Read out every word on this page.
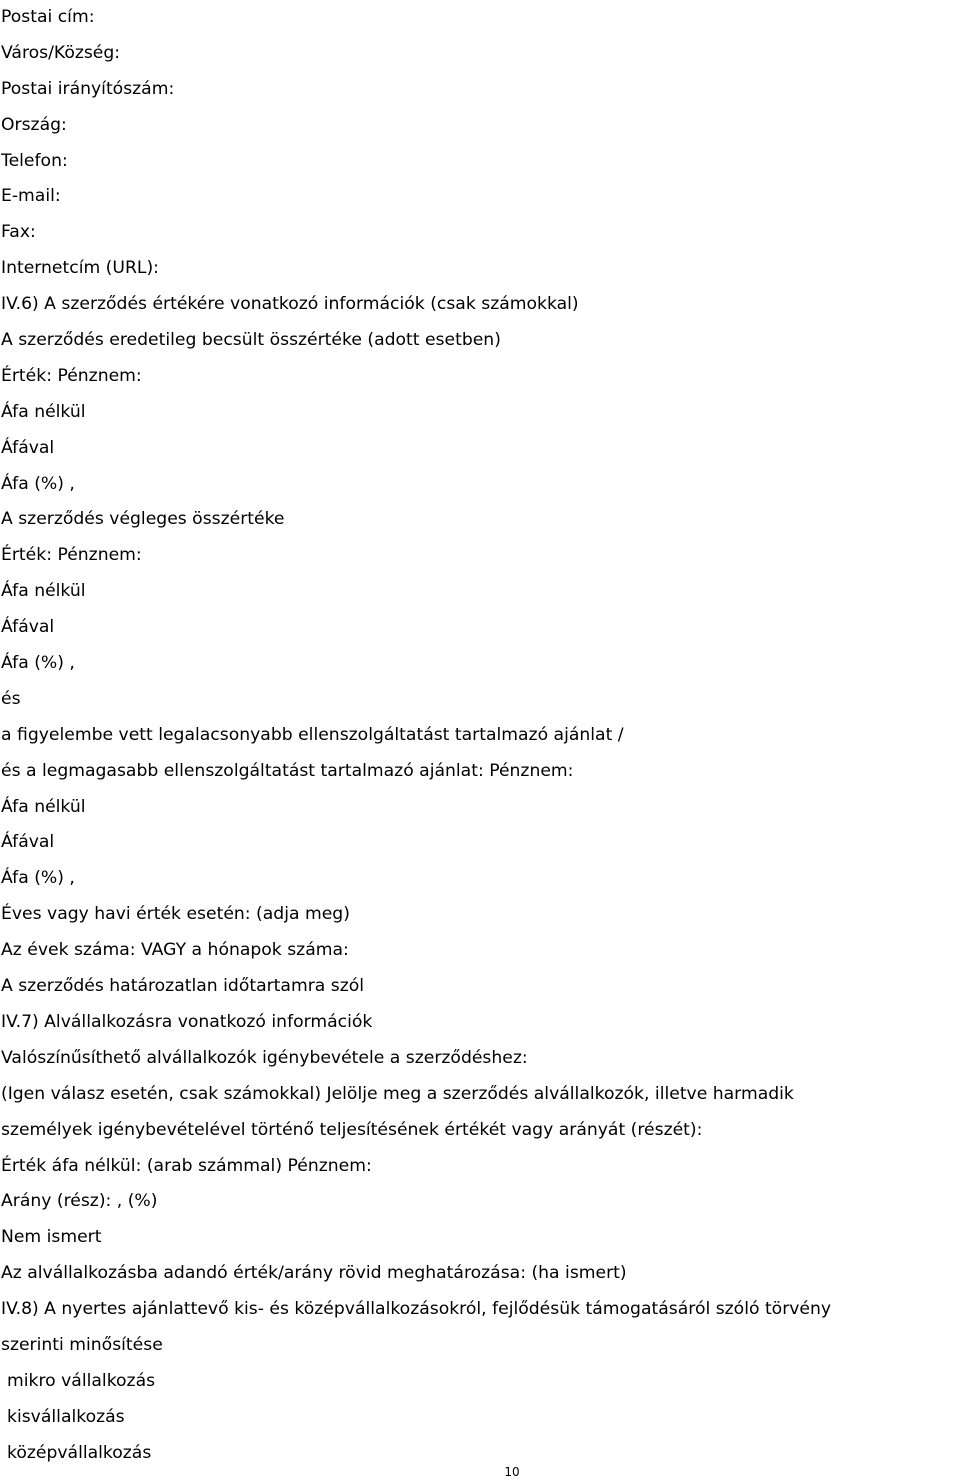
Postai cím:
Város/Község:
Postai irányítószám:
Ország:
Telefon:
E-mail:
Fax:
Internetcím (URL):
IV.6) A szerződés értékére vonatkozó információk (csak számokkal)
A szerződés eredetileg becsült összértéke (adott esetben)
Érték: Pénznem:
Áfa nélkül
Áfával
Áfa (%) ,
A szerződés végleges összértéke
Érték: Pénznem:
Áfa nélkül
Áfával
Áfa (%) ,
és
a figyelembe vett legalacsonyabb ellenszolgáltatást tartalmazó ajánlat /
és a legmagasabb ellenszolgáltatást tartalmazó ajánlat: Pénznem:
Áfa nélkül
Áfával
Áfa (%) ,
Éves vagy havi érték esetén: (adja meg)
Az évek száma: VAGY a hónapok száma:
A szerződés határozatlan időtartamra szól
IV.7) Alvállalkozásra vonatkozó információk
Valószínűsíthető alvállalkozók igénybevétele a szerződéshez:
(Igen válasz esetén, csak számokkal) Jelölje meg a szerződés alvállalkozók, illetve harmadik
személyek igénybevételével történő teljesítésének értékét vagy arányát (részét):
Érték áfa nélkül: (arab számmal) Pénznem:
Arány (rész): , (%)
Nem ismert
Az alvállalkozásba adandó érték/arány rövid meghatározása: (ha ismert)
IV.8) A nyertes ajánlattevő kis- és középvállalkozásokról, fejlődésük támogatásáról szóló törvény
szerinti minősítése
mikro vállalkozás
kisvállalkozás
középvállalkozás
10
